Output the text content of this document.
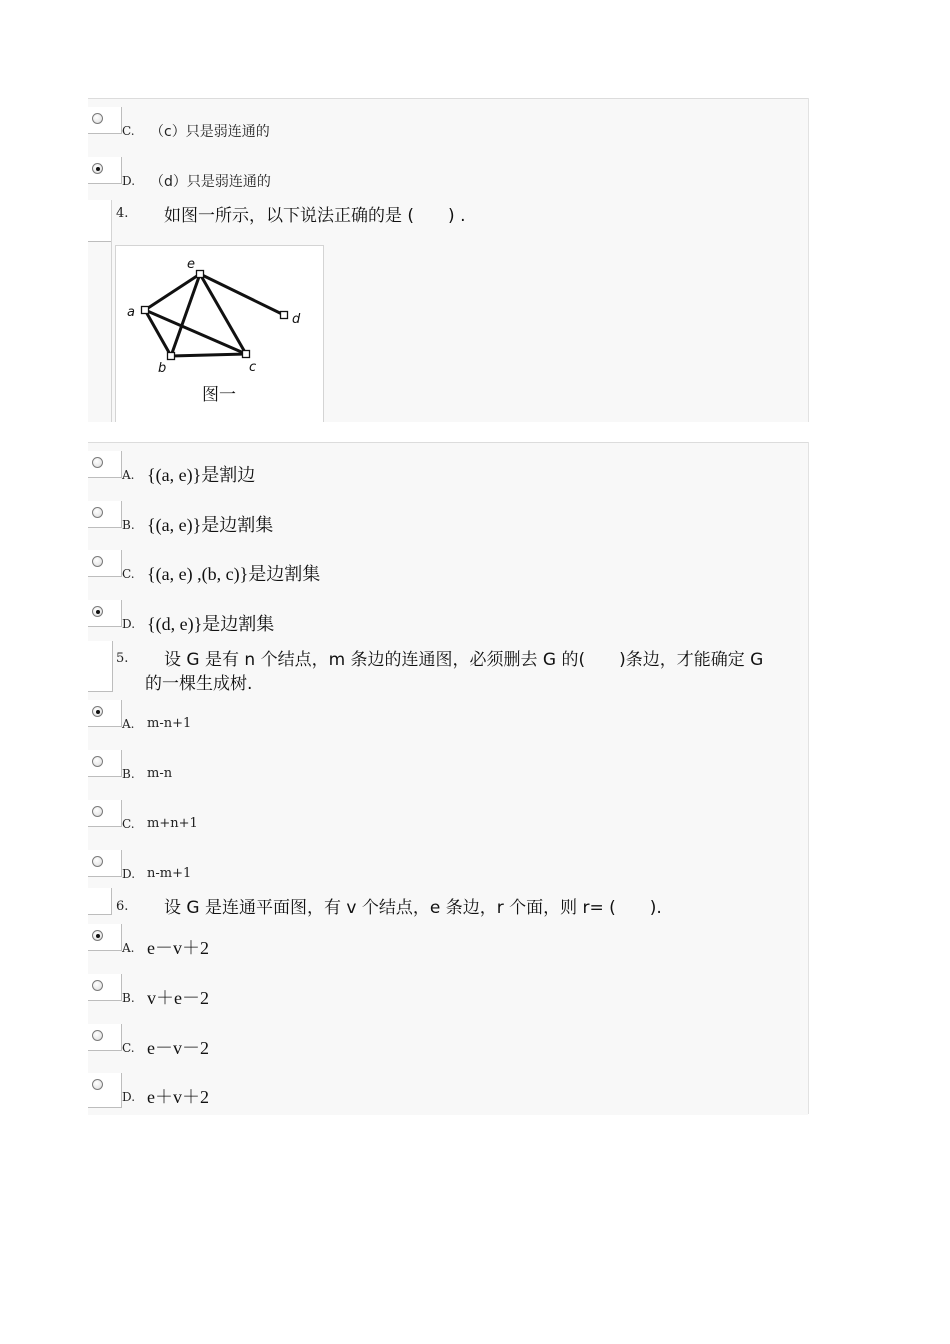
C. （c）只是弱连通的
D. （d）只是弱连通的
4. 如图一所示，以下说法正确的是 (　　) .
e
a
b	c
d
图一
A. {(a, e)}是割边
B. {(a, e)}是边割集
C. {(a, e) ,(b, c)}是边割集
D. {(d, e)}是边割集
5. 设 G 是有 n 个结点，m 条边的连通图，必须删去 G 的(　　)条边，才能确定 G
的一棵生成树.
A. m-n+1
B. m-n
C. m+n+1
D. n-m+1
6. 设 G 是连通平面图，有 v 个结点，e 条边，r 个面，则 r= (　　).
A. e－v＋2
B. v＋e－2
C. e－v－2
D. e＋v＋2
